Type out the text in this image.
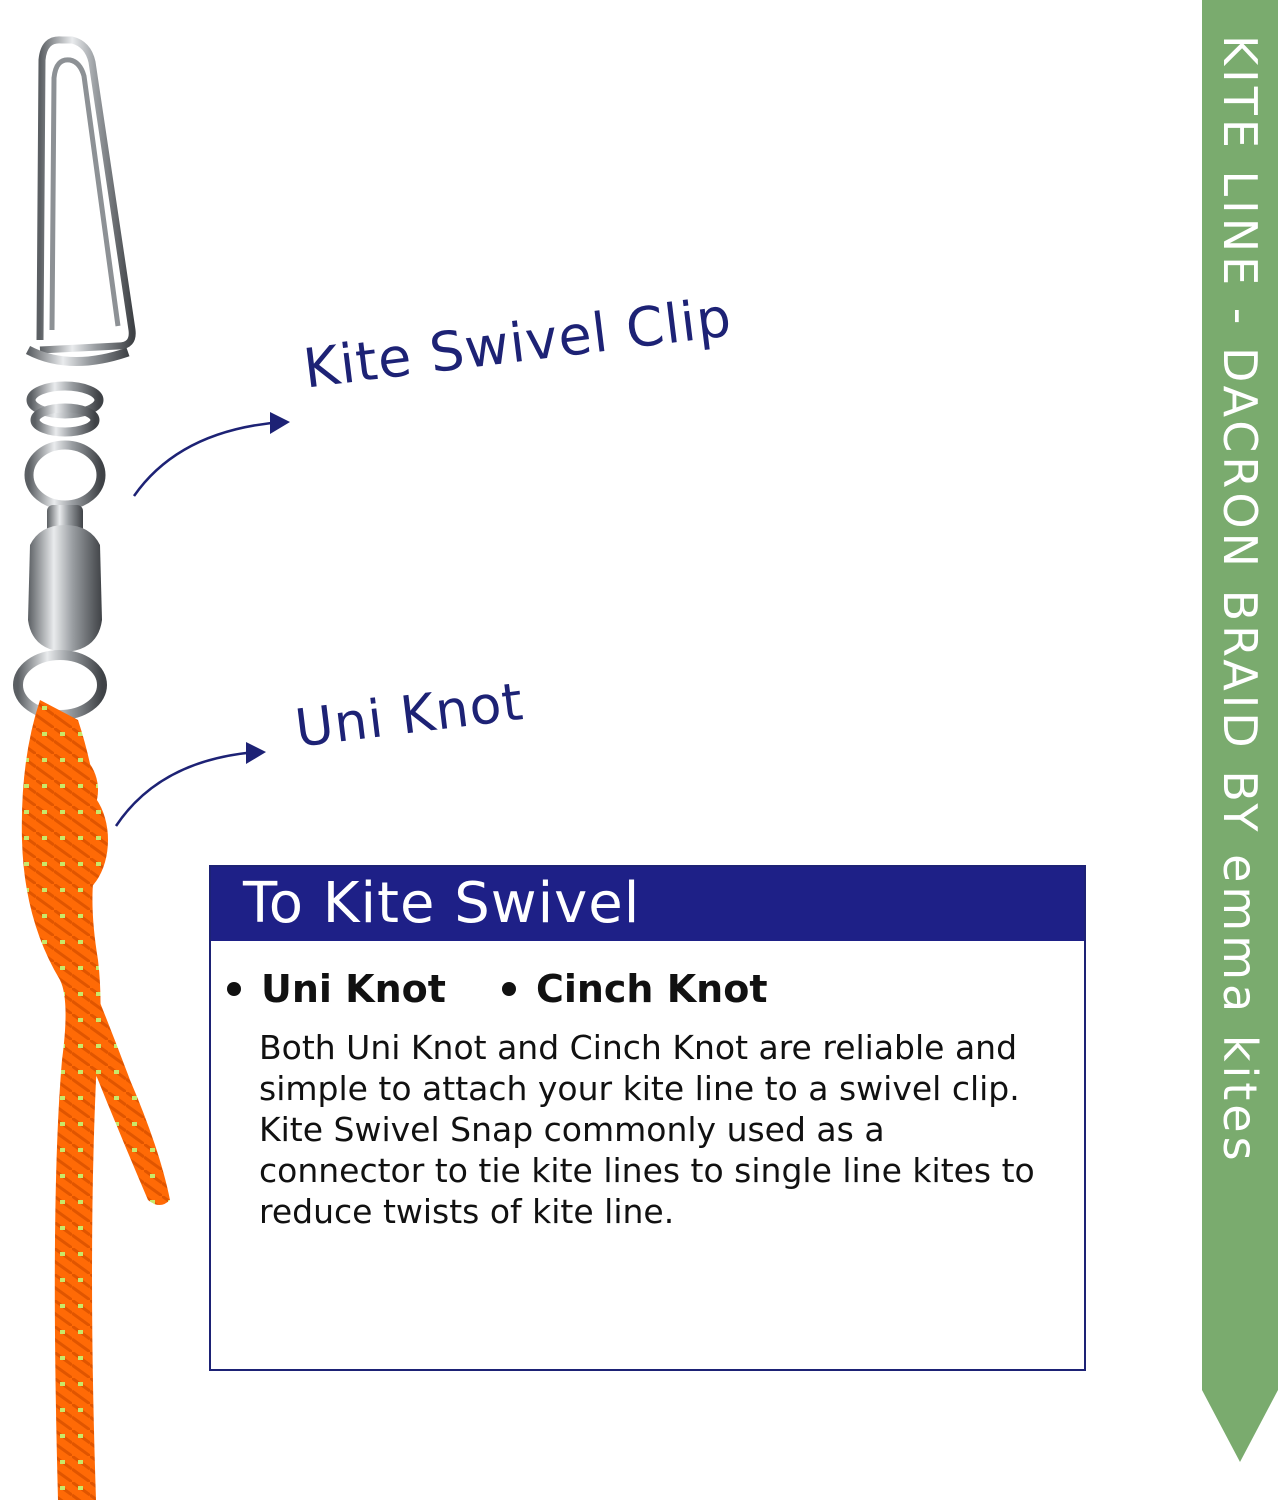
Kite Swivel Clip
Uni Knot
To Kite Swivel
Uni Knot Cinch Knot

Both Uni Knot and Cinch Knot are reliable and simple to attach your kite line to a swivel clip.

Kite Swivel Snap commonly used as a connector to tie kite lines to single line kites to reduce twists of kite line.

KITE LINE - DACRON BRAID BY emma kites
